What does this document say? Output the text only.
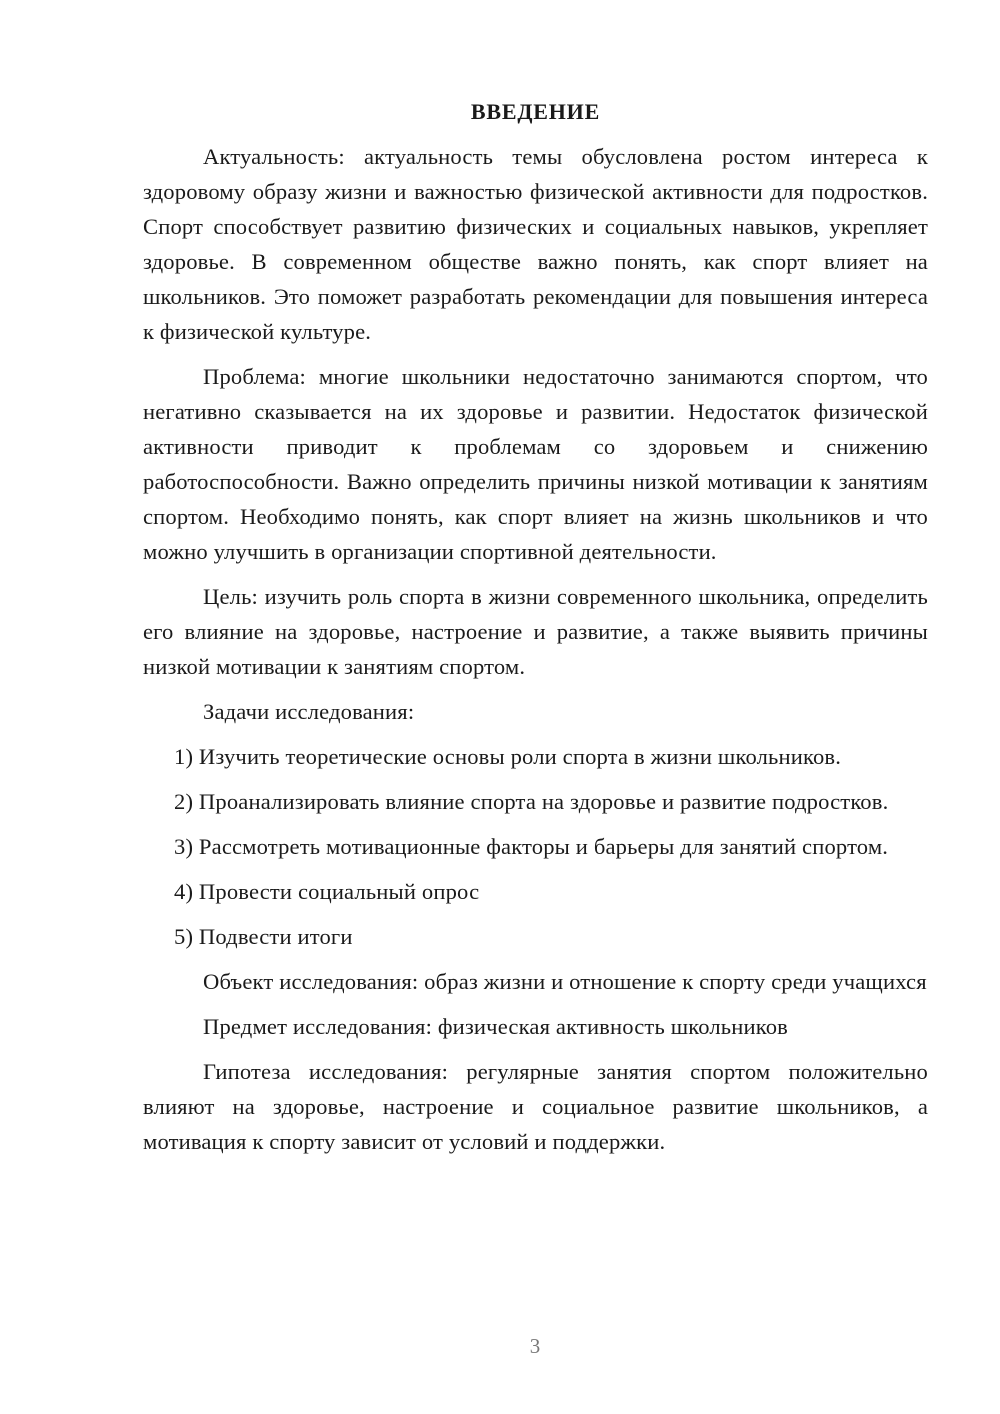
ВВЕДЕНИЕ

Актуальность: актуальность темы обусловлена ростом интереса к здоровому образу жизни и важностью физической активности для подростков. Спорт способствует развитию физических и социальных навыков, укрепляет здоровье. В современном обществе важно понять, как спорт влияет на школьников. Это поможет разработать рекомендации для повышения интереса к физической культуре.

Проблема: многие школьники недостаточно занимаются спортом, что негативно сказывается на их здоровье и развитии. Недостаток физической активности приводит к проблемам со здоровьем и снижению работоспособности. Важно определить причины низкой мотивации к занятиям спортом. Необходимо понять, как спорт влияет на жизнь школьников и что можно улучшить в организации спортивной деятельности.

Цель: изучить роль спорта в жизни современного школьника, определить его влияние на здоровье, настроение и развитие, а также выявить причины низкой мотивации к занятиям спортом.

Задачи исследования:

1) Изучить теоретические основы роли спорта в жизни школьников.

2) Проанализировать влияние спорта на здоровье и развитие подростков.

3) Рассмотреть мотивационные факторы и барьеры для занятий спортом.

4) Провести социальный опрос

5) Подвести итоги

Объект исследования: образ жизни и отношение к спорту среди учащихся

Предмет исследования: физическая активность школьников

Гипотеза исследования: регулярные занятия спортом положительно влияют на здоровье, настроение и социальное развитие школьников, а мотивация к спорту зависит от условий и поддержки.

3
